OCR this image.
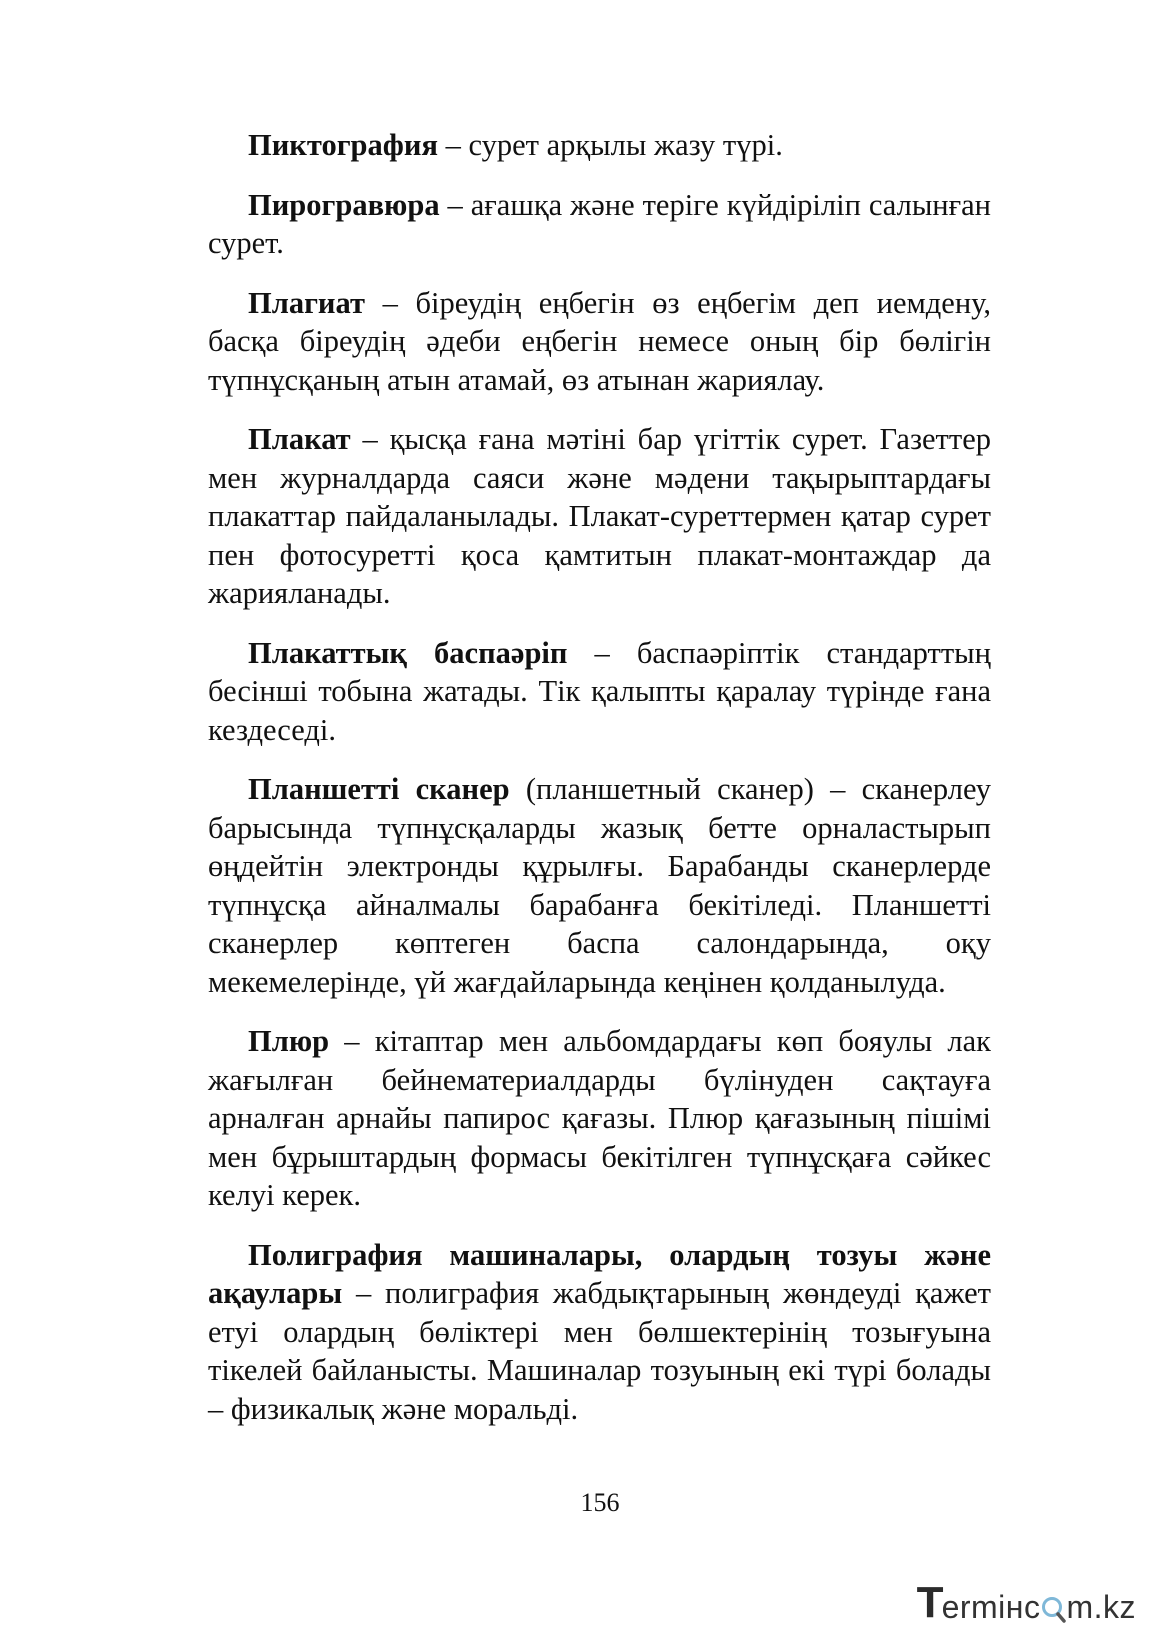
Пиктография – сурет арқылы жазу түрі.

Пирогравюра – ағашқа және теріге күйдіріліп салынған сурет.

Плагиат – біреудің еңбегін өз еңбегім деп иемдену, басқа біреудің әдеби еңбегін немесе оның бір бөлігін түпнұсқаның атын атамай, өз атынан жариялау.

Плакат – қысқа ғана мәтіні бар үгіттік сурет. Газеттер мен журналдарда саяси және мәдени тақырыптардағы плакаттар пайдаланылады. Плакат-суреттермен қатар сурет пен фотосуретті қоса қамтитын плакат-монтаждар да жарияланады.

Плакаттық баспаәріп – баспаәріптік стандарттың бесінші тобына жатады. Тік қалыпты қаралау түрінде ғана кездеседі.

Планшетті сканер (планшетный сканер) – сканерлеу барысында түпнұсқаларды жазық бетте орналастырып өңдейтін электронды құрылғы. Барабанды сканерлерде түпнұсқа айналмалы барабанға бекітіледі. Планшетті сканерлер көптеген баспа салондарында, оқу мекемелерінде, үй жағдайларында кеңінен қолданылуда.

Плюр – кітаптар мен альбомдардағы көп бояулы лак жағылған бейнематериалдарды бүлінуден сақтауға арналған арнайы папирос қағазы. Плюр қағазының пішімі мен бұрыштардың формасы бекітілген түпнұсқаға сәйкес келуі керек.

Полиграфия машиналары, олардың тозуы және ақаулары – полиграфия жабдықтарының жөндеуді қажет етуі олардың бөліктері мен бөлшектерінің тозығуына тікелей байланысты. Машиналар тозуының екі түрі болады – физикалық және моральді.

156
T
ermінc m.kz
